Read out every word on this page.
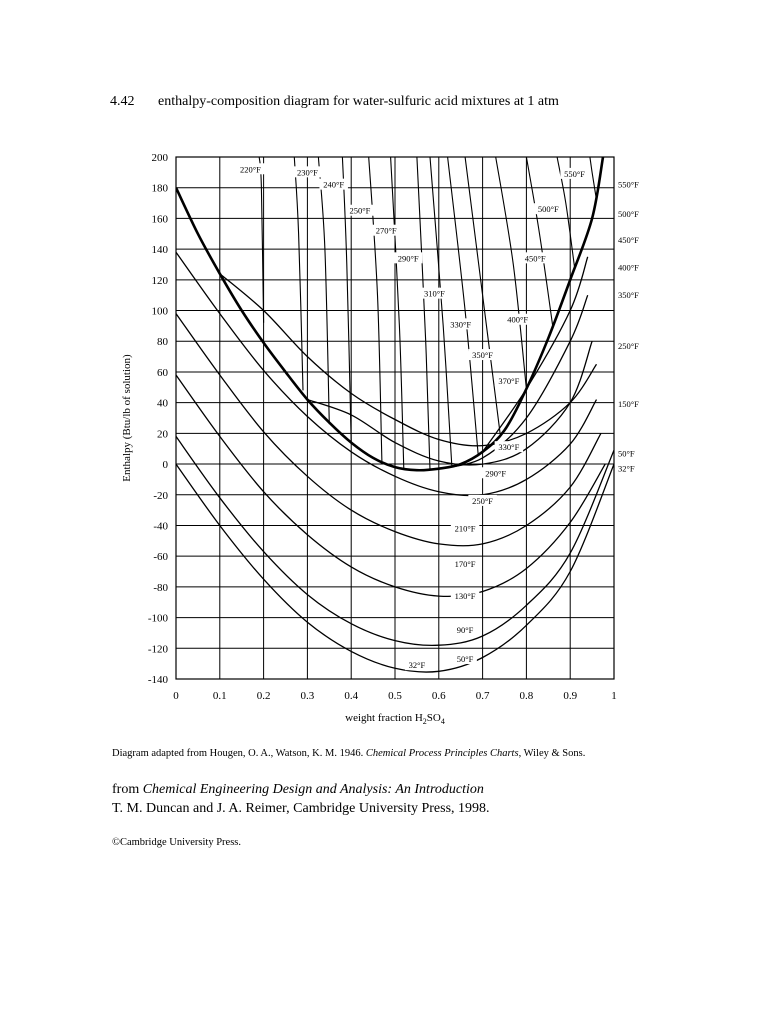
4.42 enthalpy-composition diagram for water-sulfuric acid mixtures at 1 atm
220°F	230°F
240°F
250°F
270°F
290°F
310°F
330°F
350°F
370°F
400°F
450°F
500°F
550°F
330°F
290°F
250°F
210°F
170°F
130°F
90°F
50°F
32°F
550°F
500°F
450°F
400°F
350°F
250°F
150°F
50°F
32°F
0	0.1	0.2	0.3	0.4	0.5	0.6	0.7	0.8	0.9	1
200
180
160
140
120
100
80
60
40
20
0
-20
-40
-60
-80
-100
-120
-140
Enthalpy (Btu/lb of solution)
weight fraction $H_2SO_4$
Diagram adapted from Hougen, O. A., Watson, K. M. 1946. Chemical Process Principles Charts, Wiley & Sons.
from Chemical Engineering Design and Analysis: An Introduction
T. M. Duncan and J. A. Reimer, Cambridge University Press, 1998.
©Cambridge University Press.
